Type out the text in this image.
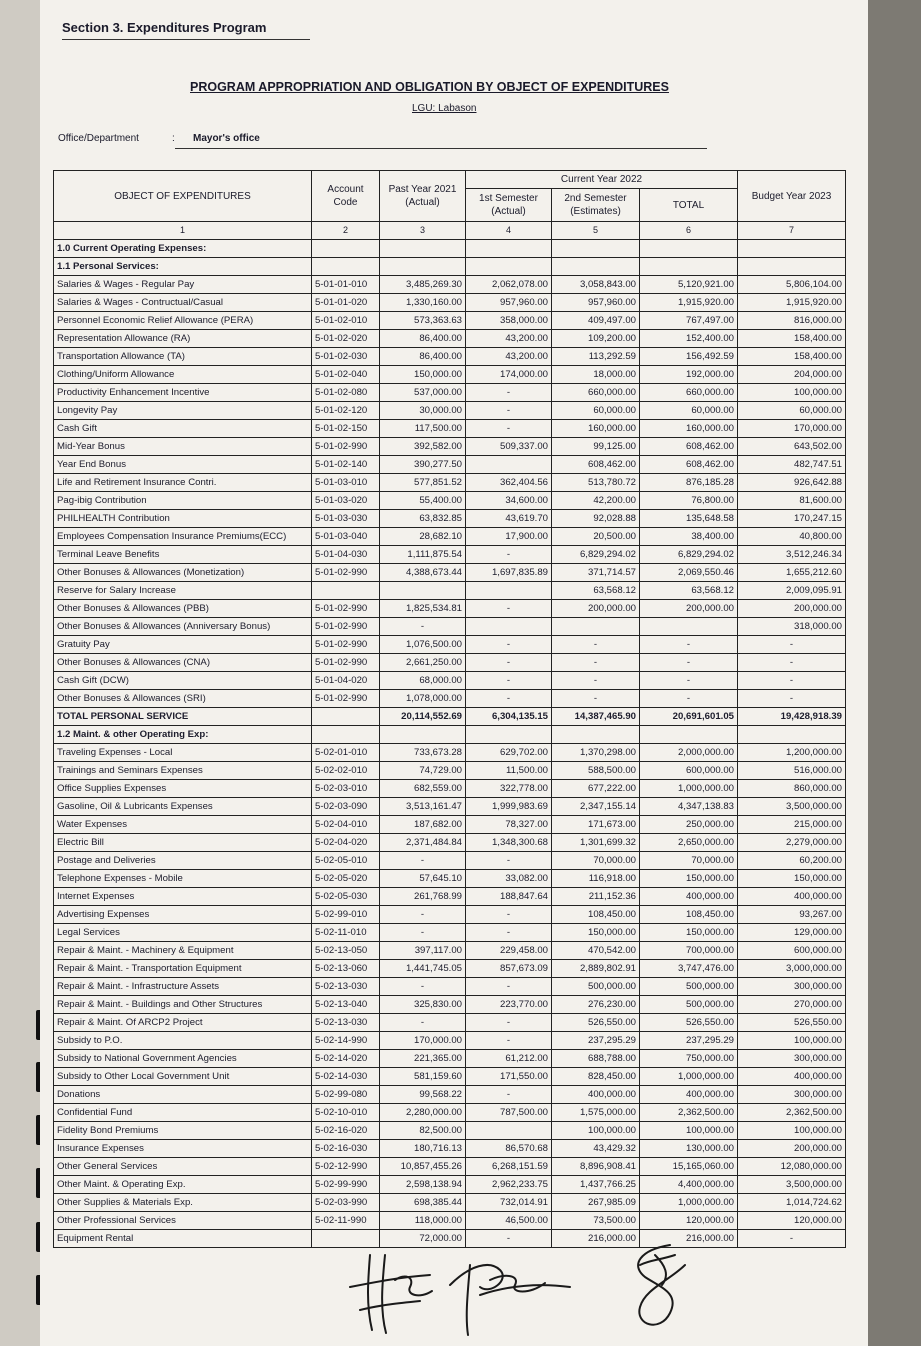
Section 3. Expenditures Program
PROGRAM APPROPRIATION AND OBLIGATION BY OBJECT OF EXPENDITURES
LGU: Labason
Office/Department	: Mayor's office
OBJECT OF EXPENDITURES	Account Code	Past Year 2021 (Actual)	Current Year 2022			Budget Year 2023
			1st Semester (Actual)	2nd Semester (Estimates)	TOTAL	
1	2	3	4	5	6	7
1.0 Current Operating Expenses:						
1.1 Personal Services:						
Salaries & Wages - Regular Pay	5-01-01-010	3,485,269.30	2,062,078.00	3,058,843.00	5,120,921.00	5,806,104.00
Salaries & Wages - Contructual/Casual	5-01-01-020	1,330,160.00	957,960.00	957,960.00	1,915,920.00	1,915,920.00
Personnel Economic Relief Allowance (PERA)	5-01-02-010	573,363.63	358,000.00	409,497.00	767,497.00	816,000.00
Representation Allowance (RA)	5-01-02-020	86,400.00	43,200.00	109,200.00	152,400.00	158,400.00
Transportation Allowance (TA)	5-01-02-030	86,400.00	43,200.00	113,292.59	156,492.59	158,400.00
Clothing/Uniform Allowance	5-01-02-040	150,000.00	174,000.00	18,000.00	192,000.00	204,000.00
Productivity Enhancement Incentive	5-01-02-080	537,000.00	-	660,000.00	660,000.00	100,000.00
Longevity Pay	5-01-02-120	30,000.00	-	60,000.00	60,000.00	60,000.00
Cash Gift	5-01-02-150	117,500.00	-	160,000.00	160,000.00	170,000.00
Mid-Year Bonus	5-01-02-990	392,582.00	509,337.00	99,125.00	608,462.00	643,502.00
Year End Bonus	5-01-02-140	390,277.50		608,462.00	608,462.00	482,747.51
Life and Retirement Insurance Contri.	5-01-03-010	577,851.52	362,404.56	513,780.72	876,185.28	926,642.88
Pag-ibig Contribution	5-01-03-020	55,400.00	34,600.00	42,200.00	76,800.00	81,600.00
PHILHEALTH Contribution	5-01-03-030	63,832.85	43,619.70	92,028.88	135,648.58	170,247.15
Employees Compensation Insurance Premiums(ECC)	5-01-03-040	28,682.10	17,900.00	20,500.00	38,400.00	40,800.00
Terminal Leave Benefits	5-01-04-030	1,111,875.54	-	6,829,294.02	6,829,294.02	3,512,246.34
Other Bonuses & Allowances (Monetization)	5-01-02-990	4,388,673.44	1,697,835.89	371,714.57	2,069,550.46	1,655,212.60
Reserve for Salary Increase				63,568.12	63,568.12	2,009,095.91
Other Bonuses & Allowances (PBB)	5-01-02-990	1,825,534.81	-	200,000.00	200,000.00	200,000.00
Other Bonuses & Allowances (Anniversary Bonus)	5-01-02-990	-				318,000.00
Gratuity Pay	5-01-02-990	1,076,500.00	-	-	-	-
Other Bonuses & Allowances (CNA)	5-01-02-990	2,661,250.00	-	-	-	-
Cash Gift (DCW)	5-01-04-020	68,000.00	-	-	-	-
Other Bonuses & Allowances (SRI)	5-01-02-990	1,078,000.00	-	-	-	-
TOTAL PERSONAL SERVICE		20,114,552.69	6,304,135.15	14,387,465.90	20,691,601.05	19,428,918.39
1.2 Maint. & other Operating Exp:						
Traveling Expenses - Local	5-02-01-010	733,673.28	629,702.00	1,370,298.00	2,000,000.00	1,200,000.00
Trainings and Seminars Expenses	5-02-02-010	74,729.00	11,500.00	588,500.00	600,000.00	516,000.00
Office Supplies Expenses	5-02-03-010	682,559.00	322,778.00	677,222.00	1,000,000.00	860,000.00
Gasoline, Oil & Lubricants Expenses	5-02-03-090	3,513,161.47	1,999,983.69	2,347,155.14	4,347,138.83	3,500,000.00
Water Expenses	5-02-04-010	187,682.00	78,327.00	171,673.00	250,000.00	215,000.00
Electric Bill	5-02-04-020	2,371,484.84	1,348,300.68	1,301,699.32	2,650,000.00	2,279,000.00
Postage and Deliveries	5-02-05-010	-	-	70,000.00	70,000.00	60,200.00
Telephone Expenses - Mobile	5-02-05-020	57,645.10	33,082.00	116,918.00	150,000.00	150,000.00
Internet Expenses	5-02-05-030	261,768.99	188,847.64	211,152.36	400,000.00	400,000.00
Advertising Expenses	5-02-99-010	-	-	108,450.00	108,450.00	93,267.00
Legal Services	5-02-11-010	-	-	150,000.00	150,000.00	129,000.00
Repair & Maint. - Machinery & Equipment	5-02-13-050	397,117.00	229,458.00	470,542.00	700,000.00	600,000.00
Repair & Maint. - Transportation Equipment	5-02-13-060	1,441,745.05	857,673.09	2,889,802.91	3,747,476.00	3,000,000.00
Repair & Maint. - Infrastructure Assets	5-02-13-030	-	-	500,000.00	500,000.00	300,000.00
Repair & Maint. - Buildings and Other Structures	5-02-13-040	325,830.00	223,770.00	276,230.00	500,000.00	270,000.00
Repair & Maint. Of ARCP2 Project	5-02-13-030	-	-	526,550.00	526,550.00	526,550.00
Subsidy to P.O.	5-02-14-990	170,000.00	-	237,295.29	237,295.29	100,000.00
Subsidy to National Government Agencies	5-02-14-020	221,365.00	61,212.00	688,788.00	750,000.00	300,000.00
Subsidy to Other Local Government Unit	5-02-14-030	581,159.60	171,550.00	828,450.00	1,000,000.00	400,000.00
Donations	5-02-99-080	99,568.22	-	400,000.00	400,000.00	300,000.00
Confidential Fund	5-02-10-010	2,280,000.00	787,500.00	1,575,000.00	2,362,500.00	2,362,500.00
Fidelity Bond Premiums	5-02-16-020	82,500.00		100,000.00	100,000.00	100,000.00
Insurance Expenses	5-02-16-030	180,716.13	86,570.68	43,429.32	130,000.00	200,000.00
Other General Services	5-02-12-990	10,857,455.26	6,268,151.59	8,896,908.41	15,165,060.00	12,080,000.00
Other Maint. & Operating Exp.	5-02-99-990	2,598,138.94	2,962,233.75	1,437,766.25	4,400,000.00	3,500,000.00
Other Supplies & Materials Exp.	5-02-03-990	698,385.44	732,014.91	267,985.09	1,000,000.00	1,014,724.62
Other Professional Services	5-02-11-990	118,000.00	46,500.00	73,500.00	120,000.00	120,000.00
Equipment Rental		72,000.00	-	216,000.00	216,000.00	-
